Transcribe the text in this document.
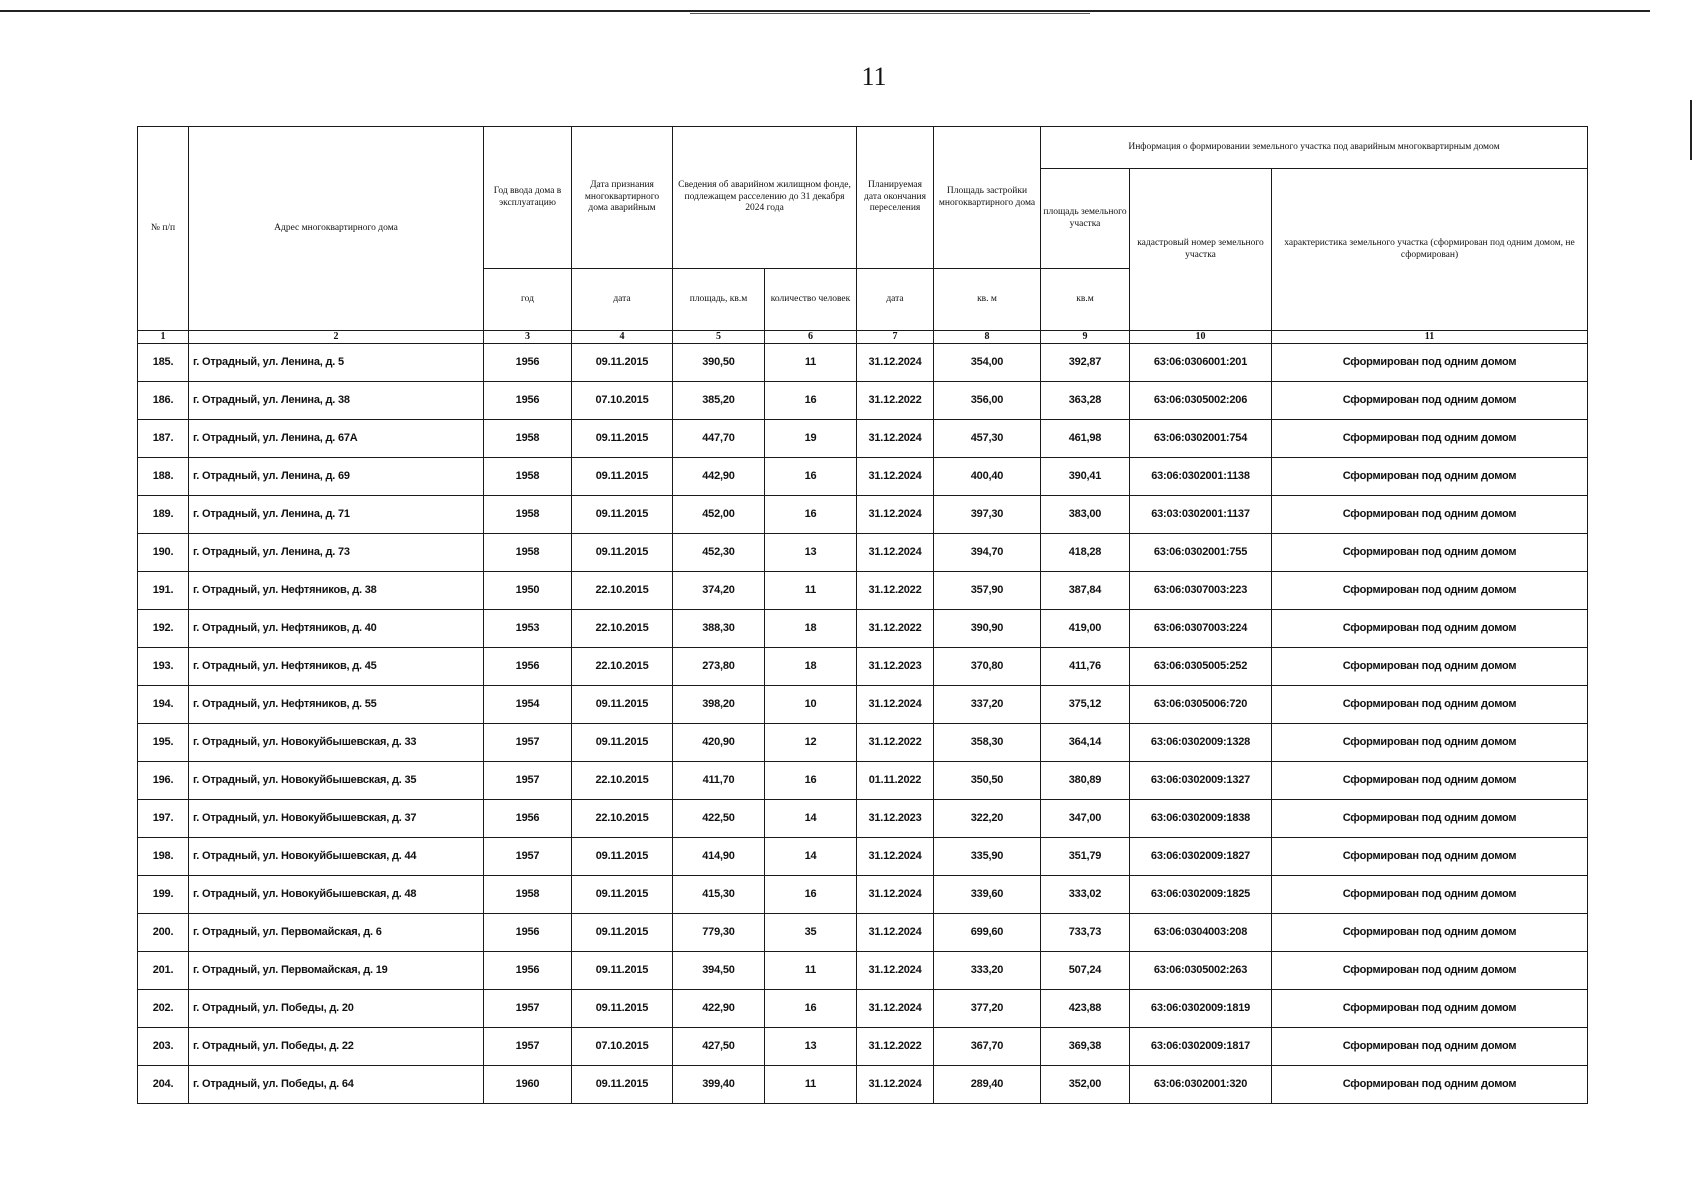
11
№ п/п	Адрес многоквартирного дома	Год ввода дома в эксплуатацию	Дата признания многоквартирного дома аварийным	Сведения об аварийном жилищном фонде, подлежащем расселению до 31 декабря 2024 года		Планируемая дата окончания переселения	Площадь застройки многоквартирного дома	Информация о формировании земельного участка под аварийным многоквартирным домом		
								площадь земельного участка	кадастровый номер земельного участка	характеристика земельного участка (сформирован под одним домом, не сформирован)
		год	дата	площадь, кв.м	количество человек	дата	кв. м	кв.м		
1	2	3	4	5	6	7	8	9	10	11
185.	г. Отрадный, ул. Ленина, д. 5	1956	09.11.2015	390,50	11	31.12.2024	354,00	392,87	63:06:0306001:201	Сформирован под одним домом
186.	г. Отрадный, ул. Ленина, д. 38	1956	07.10.2015	385,20	16	31.12.2022	356,00	363,28	63:06:0305002:206	Сформирован под одним домом
187.	г. Отрадный, ул. Ленина, д. 67А	1958	09.11.2015	447,70	19	31.12.2024	457,30	461,98	63:06:0302001:754	Сформирован под одним домом
188.	г. Отрадный, ул. Ленина, д. 69	1958	09.11.2015	442,90	16	31.12.2024	400,40	390,41	63:06:0302001:1138	Сформирован под одним домом
189.	г. Отрадный, ул. Ленина, д. 71	1958	09.11.2015	452,00	16	31.12.2024	397,30	383,00	63:03:0302001:1137	Сформирован под одним домом
190.	г. Отрадный, ул. Ленина, д. 73	1958	09.11.2015	452,30	13	31.12.2024	394,70	418,28	63:06:0302001:755	Сформирован под одним домом
191.	г. Отрадный, ул. Нефтяников, д. 38	1950	22.10.2015	374,20	11	31.12.2022	357,90	387,84	63:06:0307003:223	Сформирован под одним домом
192.	г. Отрадный, ул. Нефтяников, д. 40	1953	22.10.2015	388,30	18	31.12.2022	390,90	419,00	63:06:0307003:224	Сформирован под одним домом
193.	г. Отрадный, ул. Нефтяников, д. 45	1956	22.10.2015	273,80	18	31.12.2023	370,80	411,76	63:06:0305005:252	Сформирован под одним домом
194.	г. Отрадный, ул. Нефтяников, д. 55	1954	09.11.2015	398,20	10	31.12.2024	337,20	375,12	63:06:0305006:720	Сформирован под одним домом
195.	г. Отрадный, ул. Новокуйбышевская, д. 33	1957	09.11.2015	420,90	12	31.12.2022	358,30	364,14	63:06:0302009:1328	Сформирован под одним домом
196.	г. Отрадный, ул. Новокуйбышевская, д. 35	1957	22.10.2015	411,70	16	01.11.2022	350,50	380,89	63:06:0302009:1327	Сформирован под одним домом
197.	г. Отрадный, ул. Новокуйбышевская, д. 37	1956	22.10.2015	422,50	14	31.12.2023	322,20	347,00	63:06:0302009:1838	Сформирован под одним домом
198.	г. Отрадный, ул. Новокуйбышевская, д. 44	1957	09.11.2015	414,90	14	31.12.2024	335,90	351,79	63:06:0302009:1827	Сформирован под одним домом
199.	г. Отрадный, ул. Новокуйбышевская, д. 48	1958	09.11.2015	415,30	16	31.12.2024	339,60	333,02	63:06:0302009:1825	Сформирован под одним домом
200.	г. Отрадный, ул. Первомайская, д. 6	1956	09.11.2015	779,30	35	31.12.2024	699,60	733,73	63:06:0304003:208	Сформирован под одним домом
201.	г. Отрадный, ул. Первомайская, д. 19	1956	09.11.2015	394,50	11	31.12.2024	333,20	507,24	63:06:0305002:263	Сформирован под одним домом
202.	г. Отрадный, ул. Победы, д. 20	1957	09.11.2015	422,90	16	31.12.2024	377,20	423,88	63:06:0302009:1819	Сформирован под одним домом
203.	г. Отрадный, ул. Победы, д. 22	1957	07.10.2015	427,50	13	31.12.2022	367,70	369,38	63:06:0302009:1817	Сформирован под одним домом
204.	г. Отрадный, ул. Победы, д. 64	1960	09.11.2015	399,40	11	31.12.2024	289,40	352,00	63:06:0302001:320	Сформирован под одним домом
